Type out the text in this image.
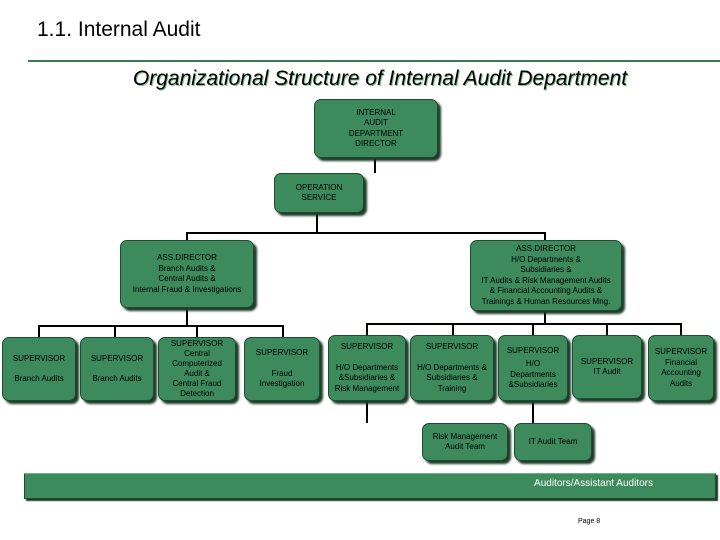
1.1. Internal Audit
Organizational Structure of Internal Audit Department
INTERNAL
AUDIT
DEPARTMENT
DIRECTOR
OPERATION
SERVICE
ASS.DIRECTOR
Branch Audits &
Central Audits &
Internal Fraud & Investigations
ASS.DIRECTOR
H/O Departments &
Subsidiaries &
IT Audits & Risk Management Audits
& Financial Accounting Audits &
Trainings & Human Resources Mng.
SUPERVISOR
Branch Audits
SUPERVISOR
Branch Audits
SUPERVISOR
Central
Computerized
Audit &
Central Fraud
Detection
SUPERVISOR
Fraud
Investigation
SUPERVISOR
H/O Departments
&Subsidiaries &
Risk Management
SUPERVISOR
H/O Departments &
Subsidiaries &
Training
SUPERVISOR
H/O
Departments
&Subsidiaries
SUPERVISOR
IT Audit
SUPERVISOR
Financial
Accounting
Audits
Risk Management
Audit Team
IT Audit Team
Auditors/Assistant Auditors
Page 8
